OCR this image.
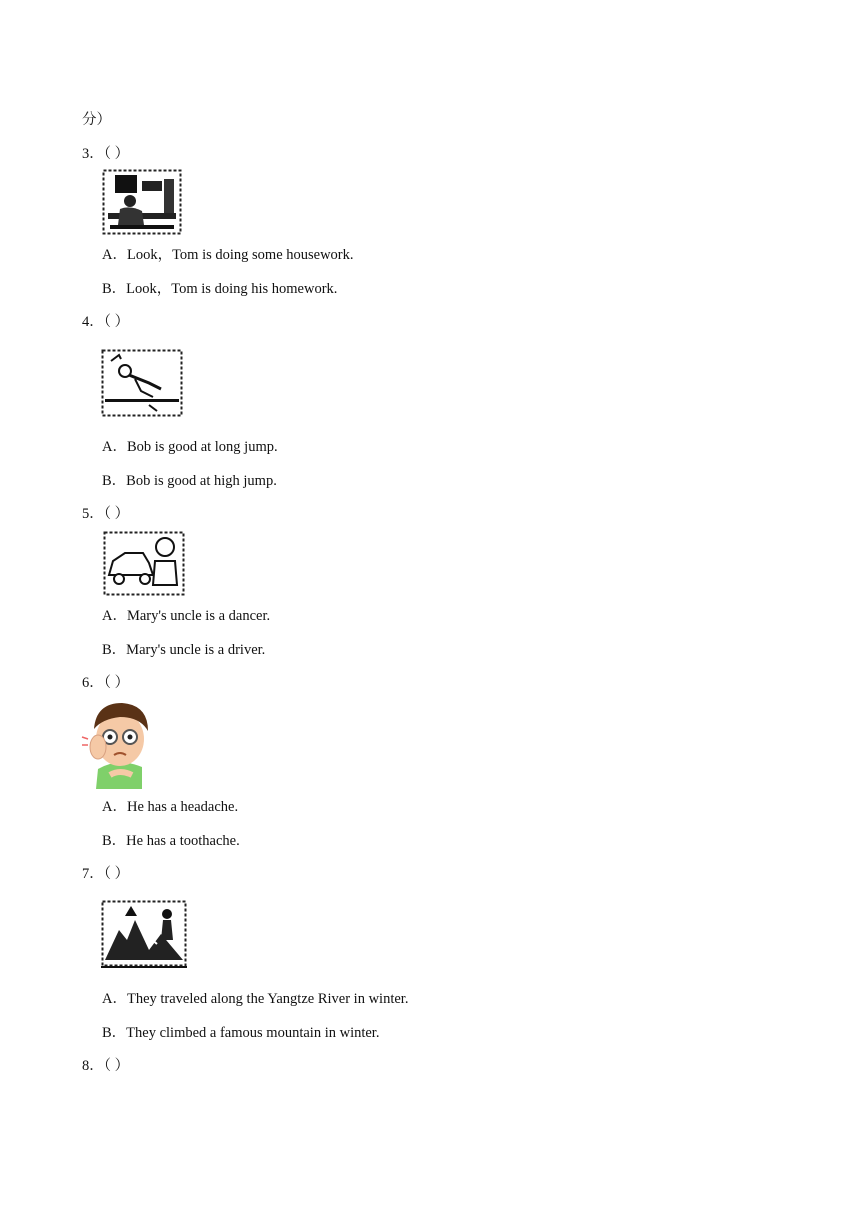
分）
3．（ ）
A．Look，Tom is doing some housework.
B．Look，Tom is doing his homework.
4．（ ）
A．Bob is good at long jump.
B．Bob is good at high jump.
5．（ ）
A．Mary's uncle is a dancer.
B．Mary's uncle is a driver.
6．（ ）
A．He has a headache.
B．He has a toothache.
7．（ ）
A．They traveled along the Yangtze River in winter.
B．They climbed a famous mountain in winter.
8．（ ）
